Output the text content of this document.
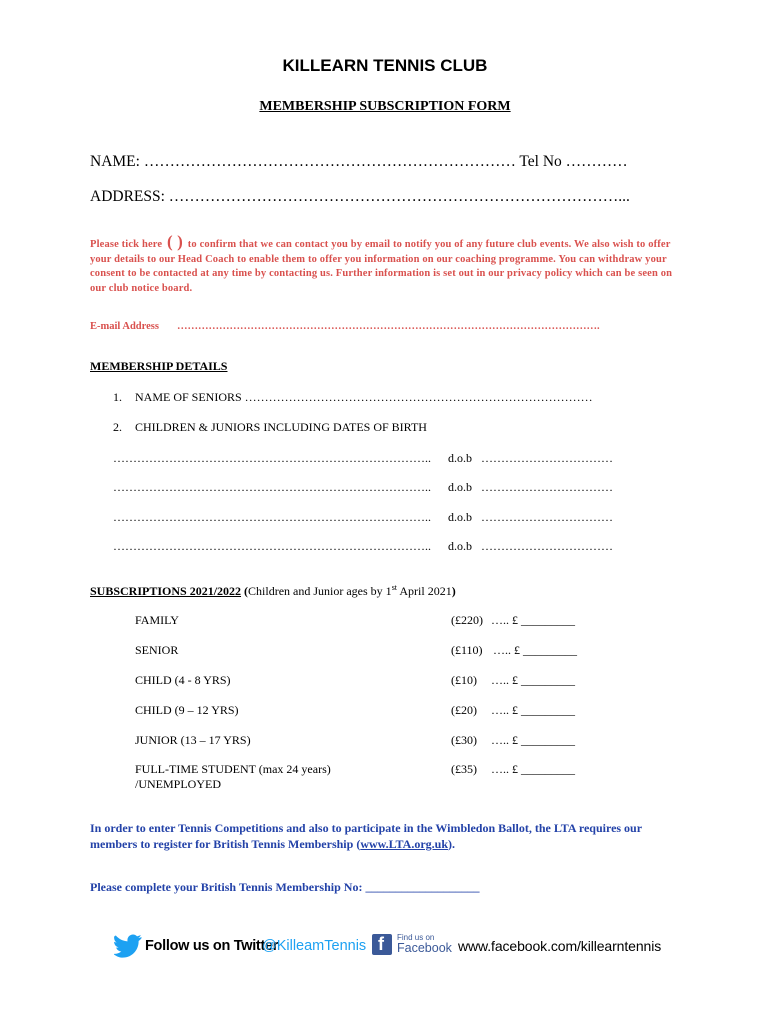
KILLEARN TENNIS CLUB
MEMBERSHIP SUBSCRIPTION FORM
NAME: ……………………………………………………………… Tel No …………
ADDRESS: ……………………………………………………………………………...
Please tick here ( ) to confirm that we can contact you by email to notify you of any future club events. We also wish to offer your details to our Head Coach to enable them to offer you information on our coaching programme. You can withdraw your consent to be contacted at any time by contacting us. Further information is set out in our privacy policy which can be seen on our club notice board.
E-mail Address ………………………………………………………………………………………………………….
MEMBERSHIP DETAILS
1. NAME OF SENIORS ……………………………………………………………………………
2. CHILDREN & JUNIORS INCLUDING DATES OF BIRTH
…………………………………………………………………….. d.o.b ……………………………
…………………………………………………………………….. d.o.b ……………………………
…………………………………………………………………….. d.o.b ……………………………
…………………………………………………………………….. d.o.b ……………………………
SUBSCRIPTIONS 2021/2022 (Children and Junior ages by 1st April 2021)
FAMILY	(£220) ….. £ _________
SENIOR	(£110) ….. £ _________
CHILD (4 - 8 YRS)	(£10) ….. £ _________
CHILD (9 – 12 YRS)	(£20) ….. £ _________
JUNIOR (13 – 17 YRS)	(£30) ….. £ _________
FULL-TIME STUDENT (max 24 years)
/UNEMPLOYED
(£35) ….. £ _________
In order to enter Tennis Competitions and also to participate in the Wimbledon Ballot, the LTA requires our
members to register for British Tennis Membership (www.LTA.org.uk).
Please complete your British Tennis Membership No: ___________________
Follow us on Twitter
@KilleamTennis f Find us on
Facebook www.facebook.com/killearntennis
